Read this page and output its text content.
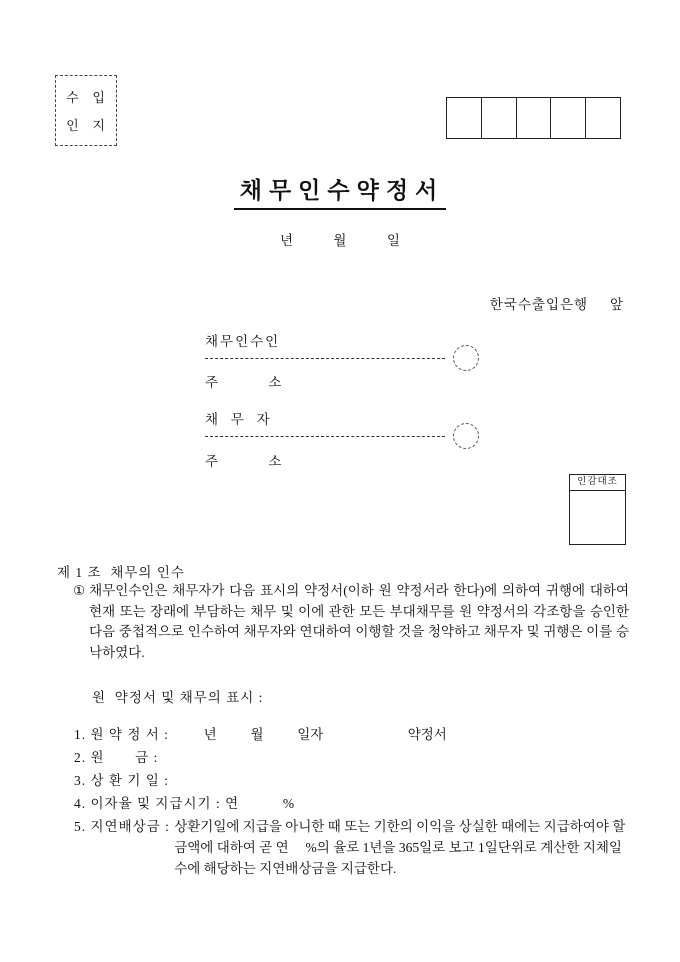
수   입
인   지
채무인수약정서
년         월         일
한국수출입은행     앞
채무인수인
주         소
채  무  자
주         소
인감대조
제 1 조  채무의 인수
① 채무인수인은 채무자가 다음 표시의 약정서(이하 원 약정서라 한다)에 의하여 귀행에 대하여 현재 또는 장래에 부담하는 채무 및 이에 관한 모든 부대채무를 원 약정서의 각조항을 승인한 다음 중첩적으로 인수하여 채무자와 연대하여 이행할 것을 청약하고 채무자 및 귀행은 이를 승낙하였다.
원  약정서 및 채무의 표시 :
1. 원 약 정 서 : 년          월          일자                         약정서
2. 원       금 :
3. 상 환 기 일 :
4. 이자율 및 지급시기 : 연          %
5. 지연배상금 : 상환기일에 지급을 아니한 때 또는 기한의 이익을 상실한 때에는 지급하여야 할 금액에 대하여 곧 연     %의 율로 1년을 365일로 보고 1일단위로 계산한 지체일수에 해당하는 지연배상금을 지급한다.
